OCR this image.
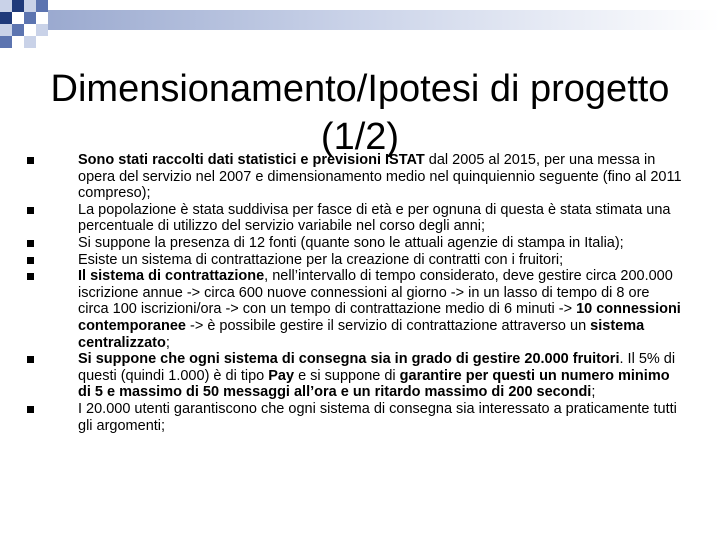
Dimensionamento/Ipotesi di progetto
(1/2)
Sono stati raccolti dati statistici e previsioni ISTAT dal 2005 al 2015, per una messa in
opera del servizio nel 2007 e dimensionamento medio nel quinquiennio seguente (fino al 2011
compreso);
La popolazione è stata suddivisa per fasce di età e per ognuna di questa è stata stimata una
percentuale di utilizzo del servizio variabile nel corso degli anni;
Si suppone la presenza di 12 fonti (quante sono le attuali agenzie di stampa in Italia);
Esiste un sistema di contrattazione per la creazione di contratti con i fruitori;
Il sistema di contrattazione, nell’intervallo di tempo considerato, deve gestire circa 200.000
iscrizione annue -> circa 600 nuove connessioni al giorno -> in un lasso di tempo di 8 ore
circa 100 iscrizioni/ora -> con un tempo di contrattazione medio di 6 minuti -> 10 connessioni
contemporanee -> è possibile gestire il servizio di contrattazione attraverso un sistema
centralizzato;
Si suppone che ogni sistema di consegna sia in grado di gestire 20.000 fruitori. Il 5% di
questi (quindi 1.000) è di tipo Pay e si suppone di garantire per questi un numero minimo
di 5 e massimo di 50 messaggi all’ora e un ritardo massimo di 200 secondi;
I 20.000 utenti garantiscono che ogni sistema di consegna sia interessato a praticamente tutti
gli argomenti;
